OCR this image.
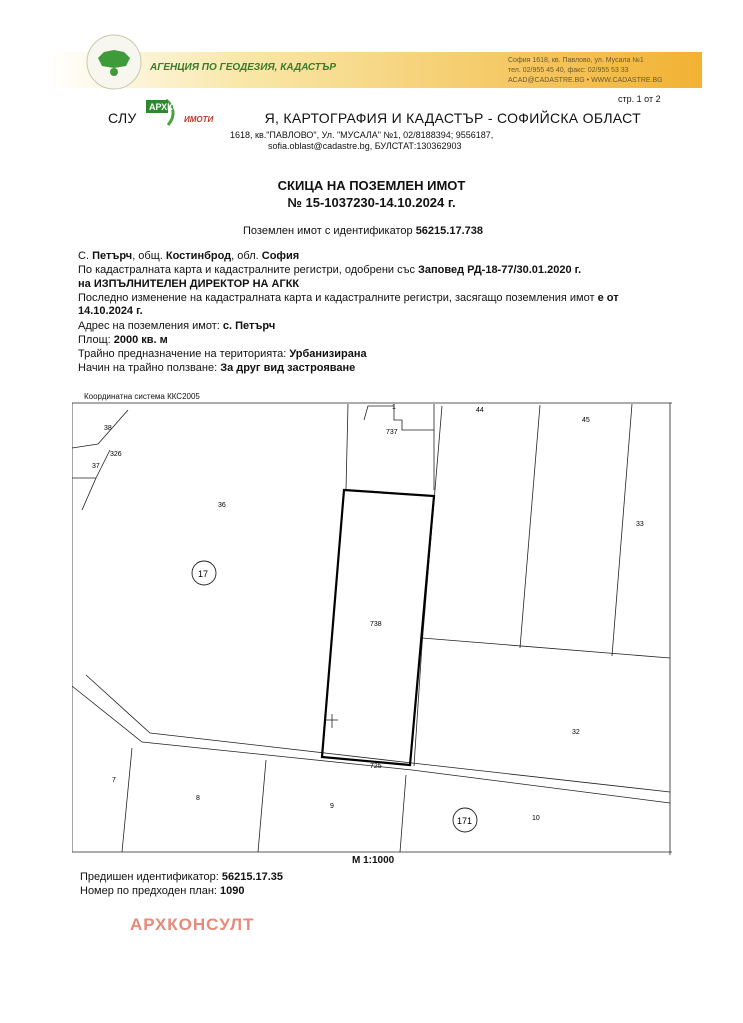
АГЕНЦИЯ ПО ГЕОДЕЗИЯ, КАДАСТЪР
София 1618, кв. Павлово, ул. Мусала №1
тел. 02/955 45 40, факс: 02/955 53 33
ACAD@CADASTRE.BG • WWW.CADASTRE.BG
стр. 1 от 2
СЛУ	Я, КАРТОГРАФИЯ И КАДАСТЪР - СОФИЙСКА ОБЛАСТ
АРХКОНСУЛТ
ИМОТИ
1618, кв."ПАВЛОВО", Ул. "МУСАЛА" №1, 02/8188394; 9556187,
sofia.oblast@cadastre.bg, БУЛСТАТ:130362903
СКИЦА НА ПОЗЕМЛЕН ИМОТ
№ 15-1037230-14.10.2024 г.
Поземлен имот с идентификатор 56215.17.738
С. Петърч, общ. Костинброд, обл. София
По кадастралната карта и кадастралните регистри, одобрени със Заповед РД-18-77/30.01.2020 г.
на ИЗПЪЛНИТЕЛЕН ДИРЕКТОР НА АГКК
Последно изменение на кадастралната карта и кадастралните регистри, засягащо поземления имот е от
14.10.2024 г.
Адрес на поземления имот: с. Петърч
Площ: 2000 кв. м
Трайно предназначение на територията: Урбанизирана
Начин на трайно ползване: За друг вид застрояване
Координатна система ККС2005
38
326
37
36
17
1
737
44
45
33
738
32
725
7
8
9
171	10
М 1:1000
Предишен идентификатор: 56215.17.35
Номер по предходен план: 1090
АРХКОНСУЛТ
